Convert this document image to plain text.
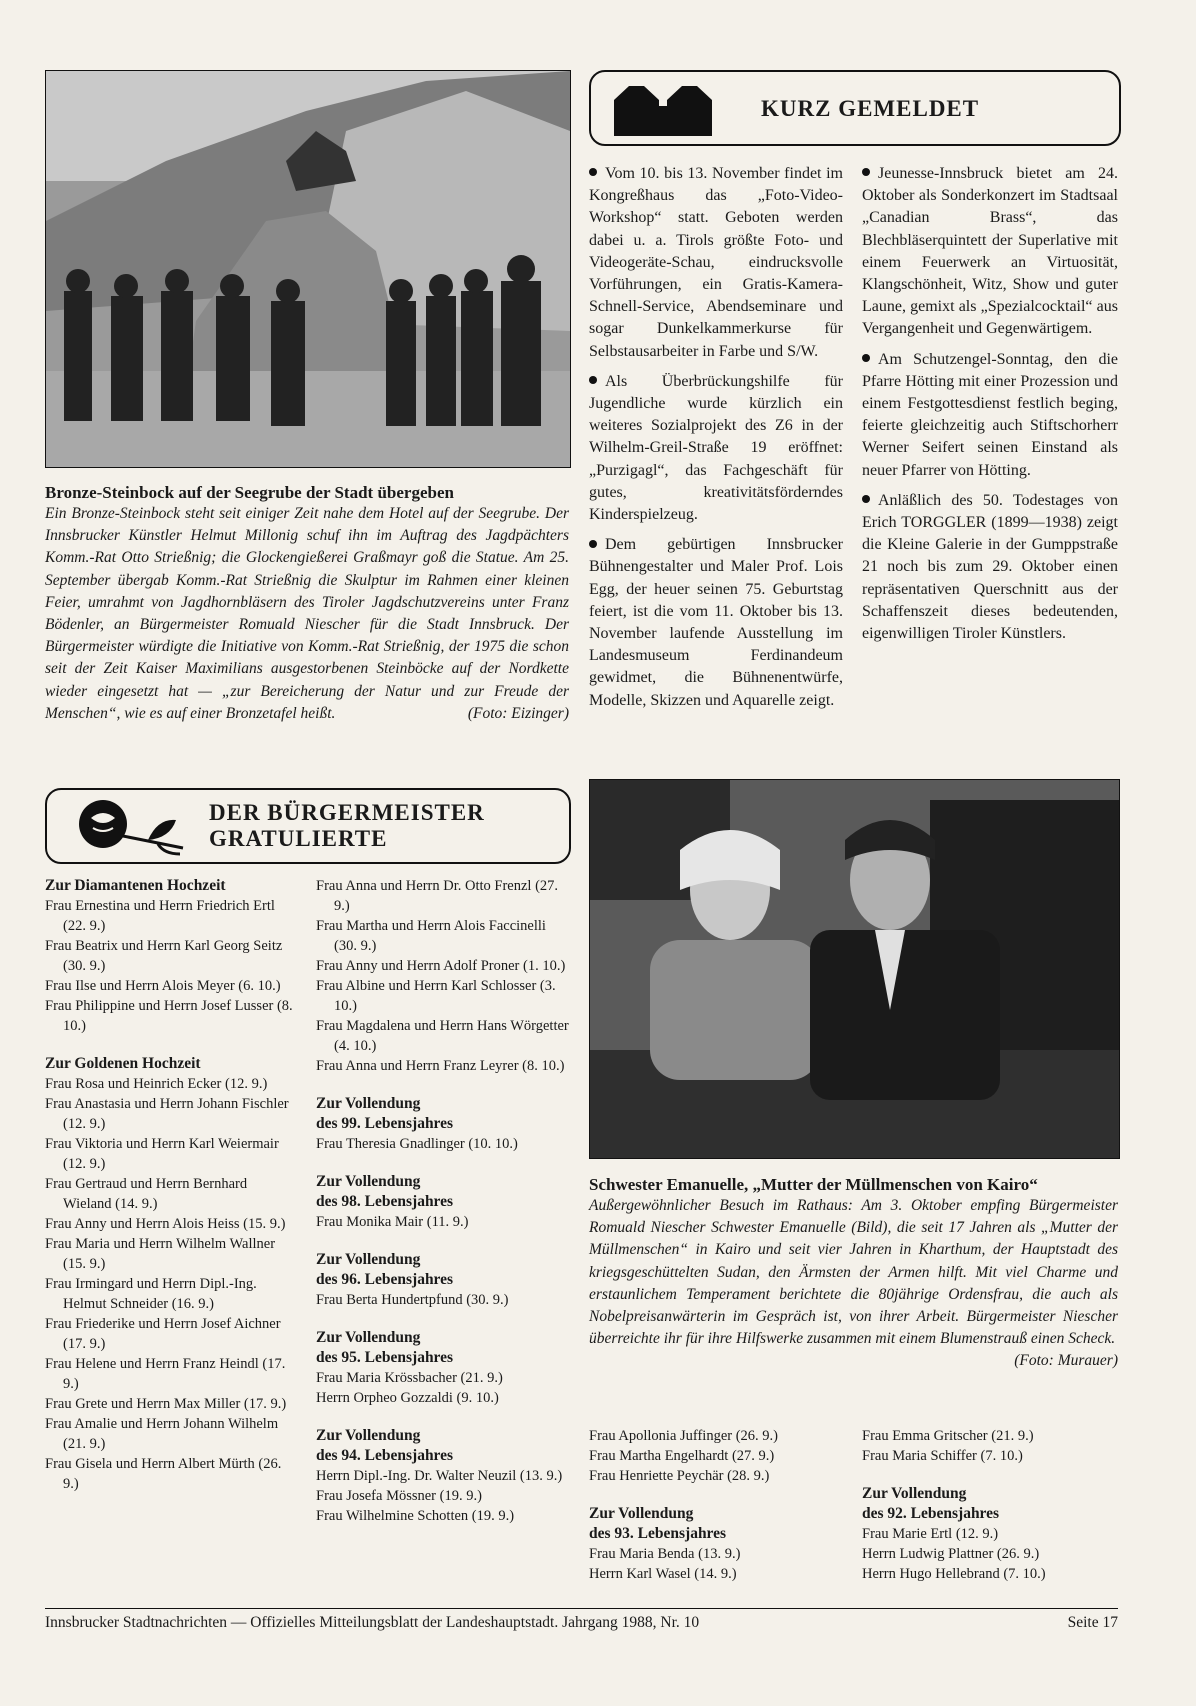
Bronze-Steinbock auf der Seegrube der Stadt übergeben
Ein Bronze-Steinbock steht seit einiger Zeit nahe dem Hotel auf der Seegrube. Der Innsbrucker Künstler Helmut Millonig schuf ihn im Auftrag des Jagdpächters Komm.-Rat Otto Strießnig; die Glockengießerei Graßmayr goß die Statue. Am 25. September übergab Komm.-Rat Strießnig die Skulptur im Rahmen einer kleinen Feier, umrahmt von Jagdhornbläsern des Tiroler Jagdschutzvereins unter Franz Bödenler, an Bürgermeister Romuald Niescher für die Stadt Innsbruck. Der Bürgermeister würdigte die Initiative von Komm.-Rat Strießnig, der 1975 die schon seit der Zeit Kaiser Maximilians ausgestorbenen Steinböcke auf der Nordkette wieder eingesetzt hat — „zur Bereicherung der Natur und zur Freude der Menschen“, wie es auf einer Bronzetafel heißt.	(Foto: Eizinger)
KURZ GEMELDET

Vom 10. bis 13. November findet im Kongreßhaus das „Foto-Video-Workshop“ statt. Geboten werden dabei u. a. Tirols größte Foto- und Videogeräte-Schau, eindrucksvolle Vorführungen, ein Gratis-Kamera-Schnell-Service, Abendseminare und sogar Dunkelkammerkurse für Selbstausarbeiter in Farbe und S/W.

Als Überbrückungshilfe für Jugendliche wurde kürzlich ein weiteres Sozialprojekt des Z6 in der Wilhelm-Greil-Straße 19 eröffnet: „Purzigagl“, das Fachgeschäft für gutes, kreativitätsförderndes Kinderspielzeug.

Dem gebürtigen Innsbrucker Bühnengestalter und Maler Prof. Lois Egg, der heuer seinen 75. Geburtstag feiert, ist die vom 11. Oktober bis 13. November laufende Ausstellung im Landesmuseum Ferdinandeum gewidmet, die Bühnenentwürfe, Modelle, Skizzen und Aquarelle zeigt.

Jeunesse-Innsbruck bietet am 24. Oktober als Sonderkonzert im Stadtsaal „Canadian Brass“, das Blechbläserquintett der Superlative mit einem Feuerwerk an Virtuosität, Klangschönheit, Witz, Show und guter Laune, gemixt als „Spezialcocktail“ aus Vergangenheit und Gegenwärtigem.

Am Schutzengel-Sonntag, den die Pfarre Hötting mit einer Prozession und einem Festgottesdienst festlich beging, feierte gleichzeitig auch Stiftschorherr Werner Seifert seinen Einstand als neuer Pfarrer von Hötting.

Anläßlich des 50. Todestages von Erich TORGGLER (1899—1938) zeigt die Kleine Galerie in der Gumppstraße 21 noch bis zum 29. Oktober einen repräsentativen Querschnitt aus der Schaffenszeit dieses bedeutenden, eigenwilligen Tiroler Künstlers.

DER BÜRGERMEISTER
GRATULIERTE
Zur Diamantenen Hochzeit
Frau Ernestina und Herrn Friedrich Ertl (22. 9.)
Frau Beatrix und Herrn Karl Georg Seitz (30. 9.)
Frau Ilse und Herrn Alois Meyer (6. 10.)
Frau Philippine und Herrn Josef Lusser (8. 10.)
Zur Goldenen Hochzeit
Frau Rosa und Heinrich Ecker (12. 9.)
Frau Anastasia und Herrn Johann Fischler (12. 9.)
Frau Viktoria und Herrn Karl Weiermair (12. 9.)
Frau Gertraud und Herrn Bernhard Wieland (14. 9.)
Frau Anny und Herrn Alois Heiss (15. 9.)
Frau Maria und Herrn Wilhelm Wallner (15. 9.)
Frau Irmingard und Herrn Dipl.-Ing. Helmut Schneider (16. 9.)
Frau Friederike und Herrn Josef Aichner (17. 9.)
Frau Helene und Herrn Franz Heindl (17. 9.)
Frau Grete und Herrn Max Miller (17. 9.)
Frau Amalie und Herrn Johann Wilhelm (21. 9.)
Frau Gisela und Herrn Albert Mürth (26. 9.)
Frau Anna und Herrn Dr. Otto Frenzl (27. 9.)
Frau Martha und Herrn Alois Faccinelli (30. 9.)
Frau Anny und Herrn Adolf Proner (1. 10.)
Frau Albine und Herrn Karl Schlosser (3. 10.)
Frau Magdalena und Herrn Hans Wörgetter (4. 10.)
Frau Anna und Herrn Franz Leyrer (8. 10.)
Zur Vollendung
des 99. Lebensjahres
Frau Theresia Gnadlinger (10. 10.)
Zur Vollendung
des 98. Lebensjahres
Frau Monika Mair (11. 9.)
Zur Vollendung
des 96. Lebensjahres
Frau Berta Hundertpfund (30. 9.)
Zur Vollendung
des 95. Lebensjahres
Frau Maria Krössbacher (21. 9.)
Herrn Orpheo Gozzaldi (9. 10.)
Zur Vollendung
des 94. Lebensjahres
Herrn Dipl.-Ing. Dr. Walter Neuzil (13. 9.)
Frau Josefa Mössner (19. 9.)
Frau Wilhelmine Schotten (19. 9.)
Schwester Emanuelle, „Mutter der Müllmenschen von Kairo“
Außergewöhnlicher Besuch im Rathaus: Am 3. Oktober empfing Bürgermeister Romuald Niescher Schwester Emanuelle (Bild), die seit 17 Jahren als „Mutter der Müllmenschen“ in Kairo und seit vier Jahren in Kharthum, der Hauptstadt des kriegsgeschüttelten Sudan, den Ärmsten der Armen hilft. Mit viel Charme und erstaunlichem Temperament berichtete die 80jährige Ordensfrau, die auch als Nobelpreisanwärterin im Gespräch ist, von ihrer Arbeit. Bürgermeister Niescher überreichte ihr für ihre Hilfswerke zusammen mit einem Blumenstrauß einen Scheck.
(Foto: Murauer)
Frau Apollonia Juffinger (26. 9.)
Frau Martha Engelhardt (27. 9.)
Frau Henriette Peychär (28. 9.)
Zur Vollendung
des 93. Lebensjahres
Frau Maria Benda (13. 9.)
Herrn Karl Wasel (14. 9.)
Frau Emma Gritscher (21. 9.)
Frau Maria Schiffer (7. 10.)
Zur Vollendung
des 92. Lebensjahres
Frau Marie Ertl (12. 9.)
Herrn Ludwig Plattner (26. 9.)
Herrn Hugo Hellebrand (7. 10.)
Innsbrucker Stadtnachrichten — Offizielles Mitteilungsblatt der Landeshauptstadt. Jahrgang 1988, Nr. 10	Seite 17
